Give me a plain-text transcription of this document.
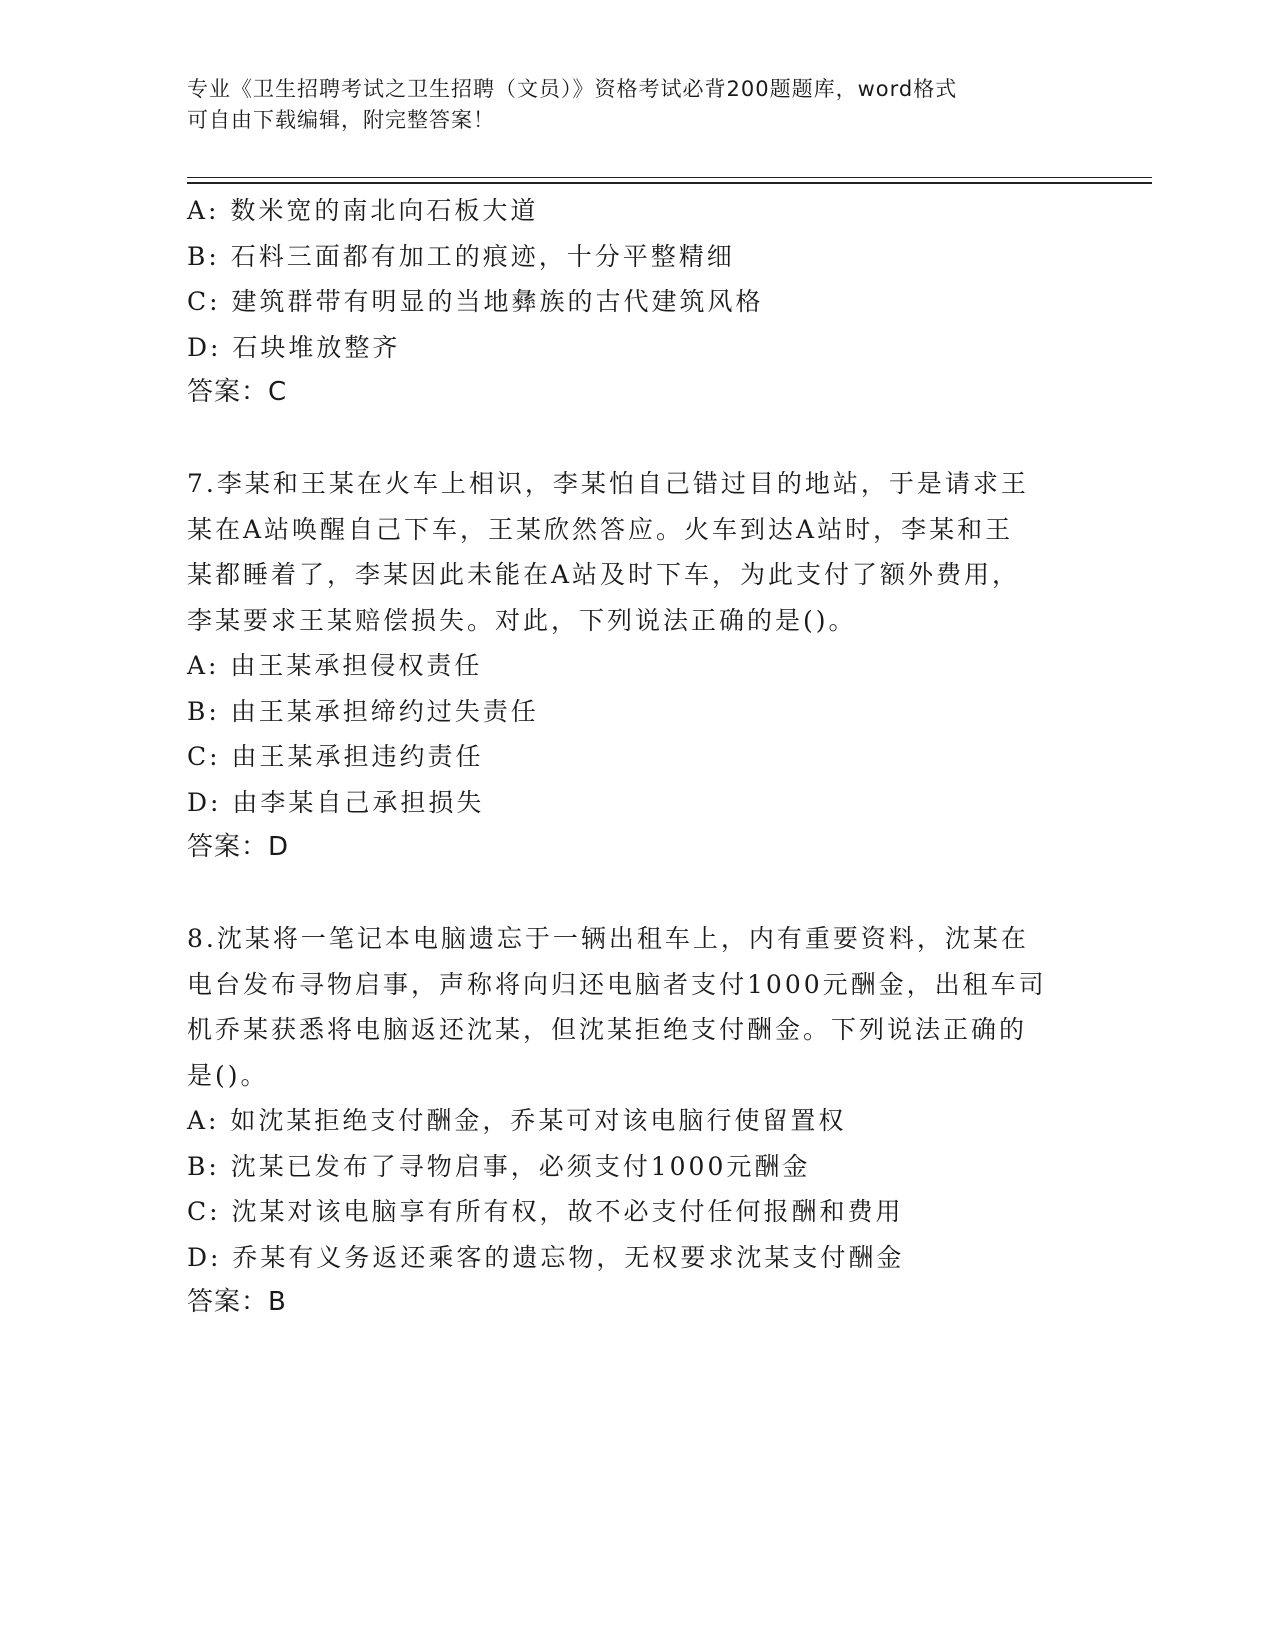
专业《卫生招聘考试之卫生招聘（文员）》资格考试必背200题题库，word格式
可自由下载编辑，附完整答案！
A: 数米宽的南北向石板大道
B: 石料三面都有加工的痕迹，十分平整精细
C: 建筑群带有明显的当地彝族的古代建筑风格
D: 石块堆放整齐
答案：C
7.李某和王某在火车上相识，李某怕自己错过目的地站，于是请求王
某在A站唤醒自己下车，王某欣然答应。火车到达A站时，李某和王
某都睡着了，李某因此未能在A站及时下车，为此支付了额外费用，
李某要求王某赔偿损失。对此，下列说法正确的是()。
A: 由王某承担侵权责任
B: 由王某承担缔约过失责任
C: 由王某承担违约责任
D: 由李某自己承担损失
答案：D
8.沈某将一笔记本电脑遗忘于一辆出租车上，内有重要资料，沈某在
电台发布寻物启事，声称将向归还电脑者支付1000元酬金，出租车司
机乔某获悉将电脑返还沈某，但沈某拒绝支付酬金。下列说法正确的
是()。
A: 如沈某拒绝支付酬金，乔某可对该电脑行使留置权
B: 沈某已发布了寻物启事，必须支付1000元酬金
C: 沈某对该电脑享有所有权，故不必支付任何报酬和费用
D: 乔某有义务返还乘客的遗忘物，无权要求沈某支付酬金
答案：B
